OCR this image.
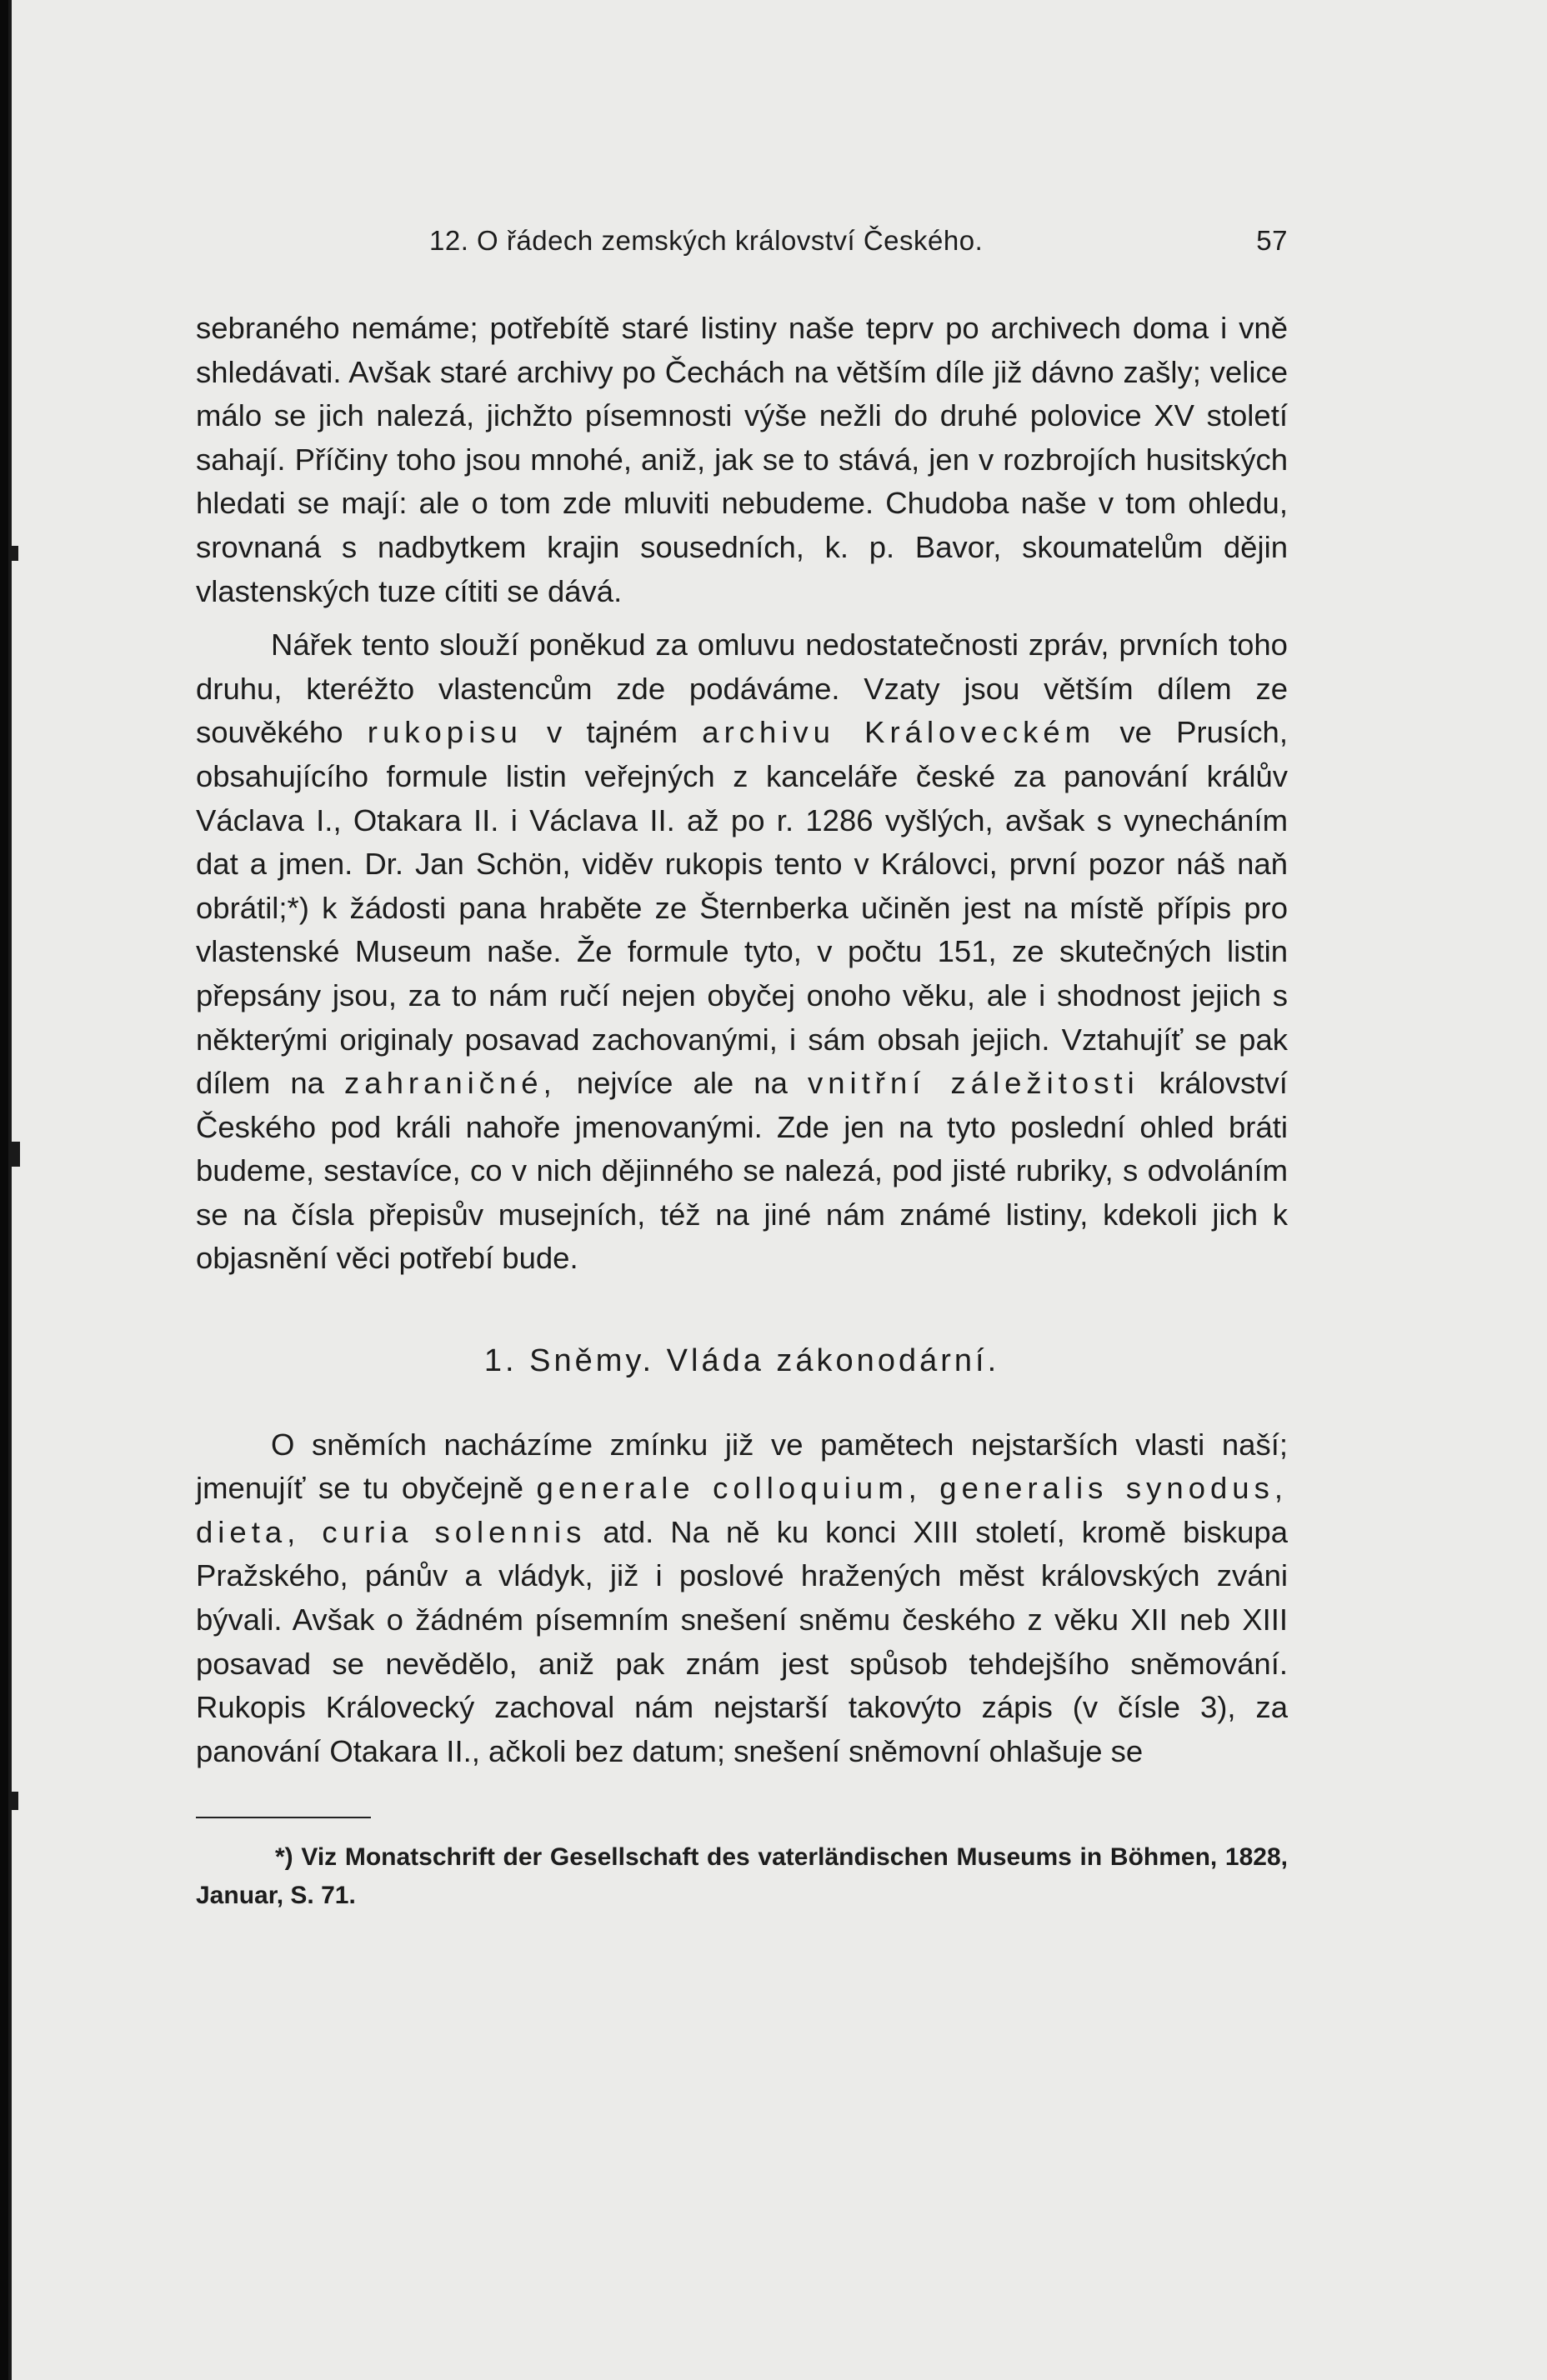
12. O řádech zemských království Českého.	57

sebraného nemáme; potřebítě staré listiny naše teprv po archivech doma i vně shledávati. Avšak staré archivy po Čechách na větším díle již dávno zašly; velice málo se jich nalezá, jichžto písemnosti výše nežli do druhé polovice XV století sahají. Příčiny toho jsou mnohé, aniž, jak se to stává, jen v rozbrojích husitských hledati se mají: ale o tom zde mluviti nebudeme. Chudoba naše v tom ohledu, srovnaná s nadbytkem krajin sousedních, k. p. Bavor, skoumatelům dějin vlastenských tuze cítiti se dává.

Nářek tento slouží ponĕkud za omluvu nedostatečnosti zpráv, prvních toho druhu, kteréžto vlastencům zde podáváme. Vzaty jsou větším dílem ze souvěkého rukopisu v tajném archivu Královeckém ve Prusích, obsahujícího formule listin veřejných z kanceláře české za panování králův Václava I., Otakara II. i Václava II. až po r. 1286 vyšlých, avšak s vynecháním dat a jmen. Dr. Jan Schön, viděv rukopis tento v Královci, první pozor náš naň obrátil;*) k žádosti pana hraběte ze Šternberka učiněn jest na místě přípis pro vlastenské Museum naše. Že formule tyto, v počtu 151, ze skutečných listin přepsány jsou, za to nám ručí nejen obyčej onoho věku, ale i shodnost jejich s některými originaly posavad zachovanými, i sám obsah jejich. Vztahujíť se pak dílem na zahraničné, nejvíce ale na vnitřní záležitosti království Českého pod králi nahoře jmenovanými. Zde jen na tyto poslední ohled bráti budeme, sestavíce, co v nich dějinného se nalezá, pod jisté rubriky, s odvoláním se na čísla přepisův musejních, též na jiné nám známé listiny, kdekoli jich k objasnění věci potřebí bude.

1. Sněmy. Vláda zákonodární.

O sněmích nacházíme zmínku již ve pamětech nejstarších vlasti naší; jmenujíť se tu obyčejně generale colloquium, generalis synodus, dieta, curia solennis atd. Na ně ku konci XIII století, kromě biskupa Pražského, pánův a vládyk, již i poslové hražených měst královských zváni bývali. Avšak o žádném písemním snešení sněmu českého z věku XII neb XIII posavad se nevědělo, aniž pak znám jest spůsob tehdejšího sněmování. Rukopis Královecký zachoval nám nejstarší takovýto zápis (v čísle 3), za panování Otakara II., ačkoli bez datum; snešení sněmovní ohlašuje se

*) Viz Monatschrift der Gesellschaft des vaterländischen Museums in Böhmen, 1828, Januar, S. 71.
